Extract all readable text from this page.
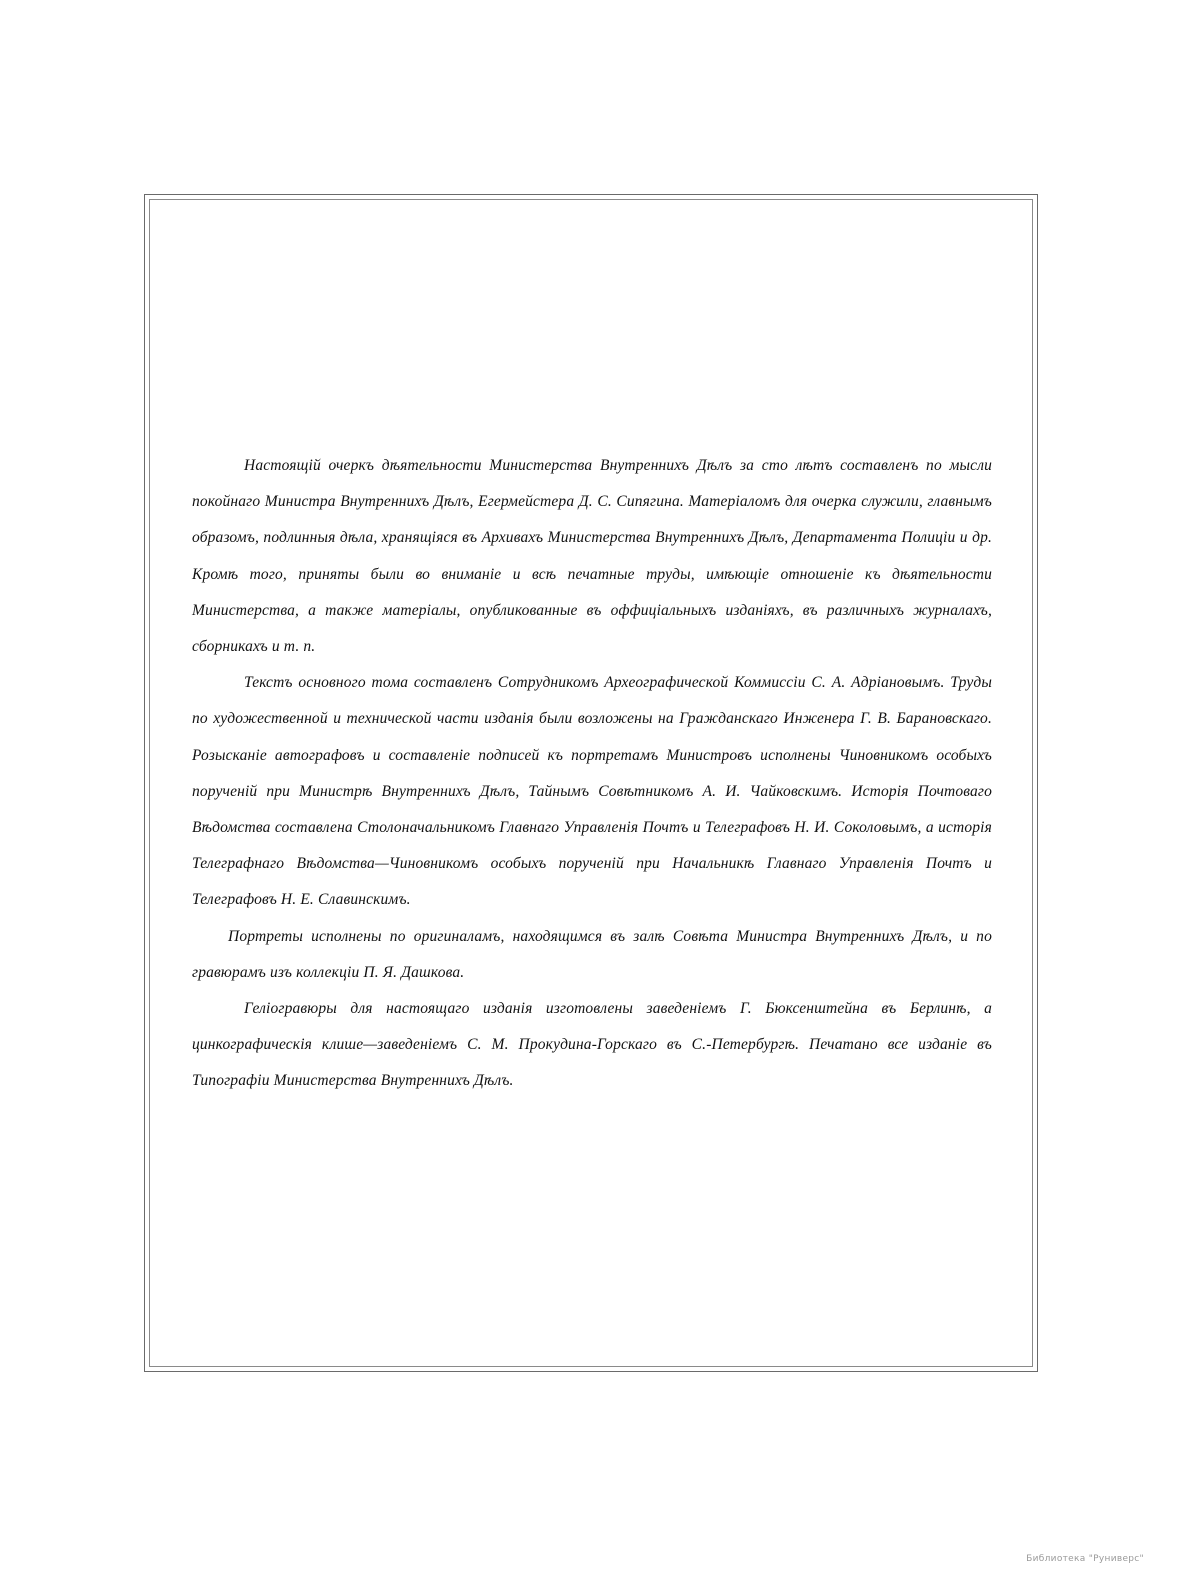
Настоящій очеркъ дѣятельности Министерства Внутреннихъ Дѣлъ за сто лѣтъ составленъ по мысли покойнаго Министра Внутреннихъ Дѣлъ, Егермейстера Д. С. Сипягина. Матеріаломъ для очерка служили, главнымъ образомъ, подлинныя дѣла, хранящіяся въ Архивахъ Министерства Внутреннихъ Дѣлъ, Департамента Полиціи и др. Кромѣ того, приняты были во вниманіе и всѣ печатные труды, имѣющіе отношеніе къ дѣятельности Министерства, а также матеріалы, опубликованные въ оффиціальныхъ изданіяхъ, въ различныхъ журналахъ, сборникахъ и т. п.

Текстъ основного тома составленъ Сотрудникомъ Археографической Коммиссіи С. А. Адріановымъ. Труды по художественной и технической части изданія были возложены на Гражданскаго Инженера Г. В. Барановскаго. Розысканіе автографовъ и составленіе подписей къ портретамъ Министровъ исполнены Чиновникомъ особыхъ порученій при Министрѣ Внутреннихъ Дѣлъ, Тайнымъ Совѣтникомъ А. И. Чайковскимъ. Исторія Почтоваго Вѣдомства составлена Столоначальникомъ Главнаго Управленія Почтъ и Телеграфовъ Н. И. Соколовымъ, а исторія Телеграфнаго Вѣдомства—Чиновникомъ особыхъ порученій при Начальникѣ Главнаго Управленія Почтъ и Телеграфовъ Н. Е. Славинскимъ.

Портреты исполнены по оригиналамъ, находящимся въ залѣ Совѣта Министра Внутреннихъ Дѣлъ, и по гравюрамъ изъ коллекціи П. Я. Дашкова.

Геліогравюры для настоящаго изданія изготовлены заведеніемъ Г. Бюксенштейна въ Берлинѣ, а цинкографическія клише—заведеніемъ С. М. Прокудина-Горскаго въ С.-Петербургѣ. Печатано все изданіе въ Типографіи Министерства Внутреннихъ Дѣлъ.

Библиотека "Руниверс"
